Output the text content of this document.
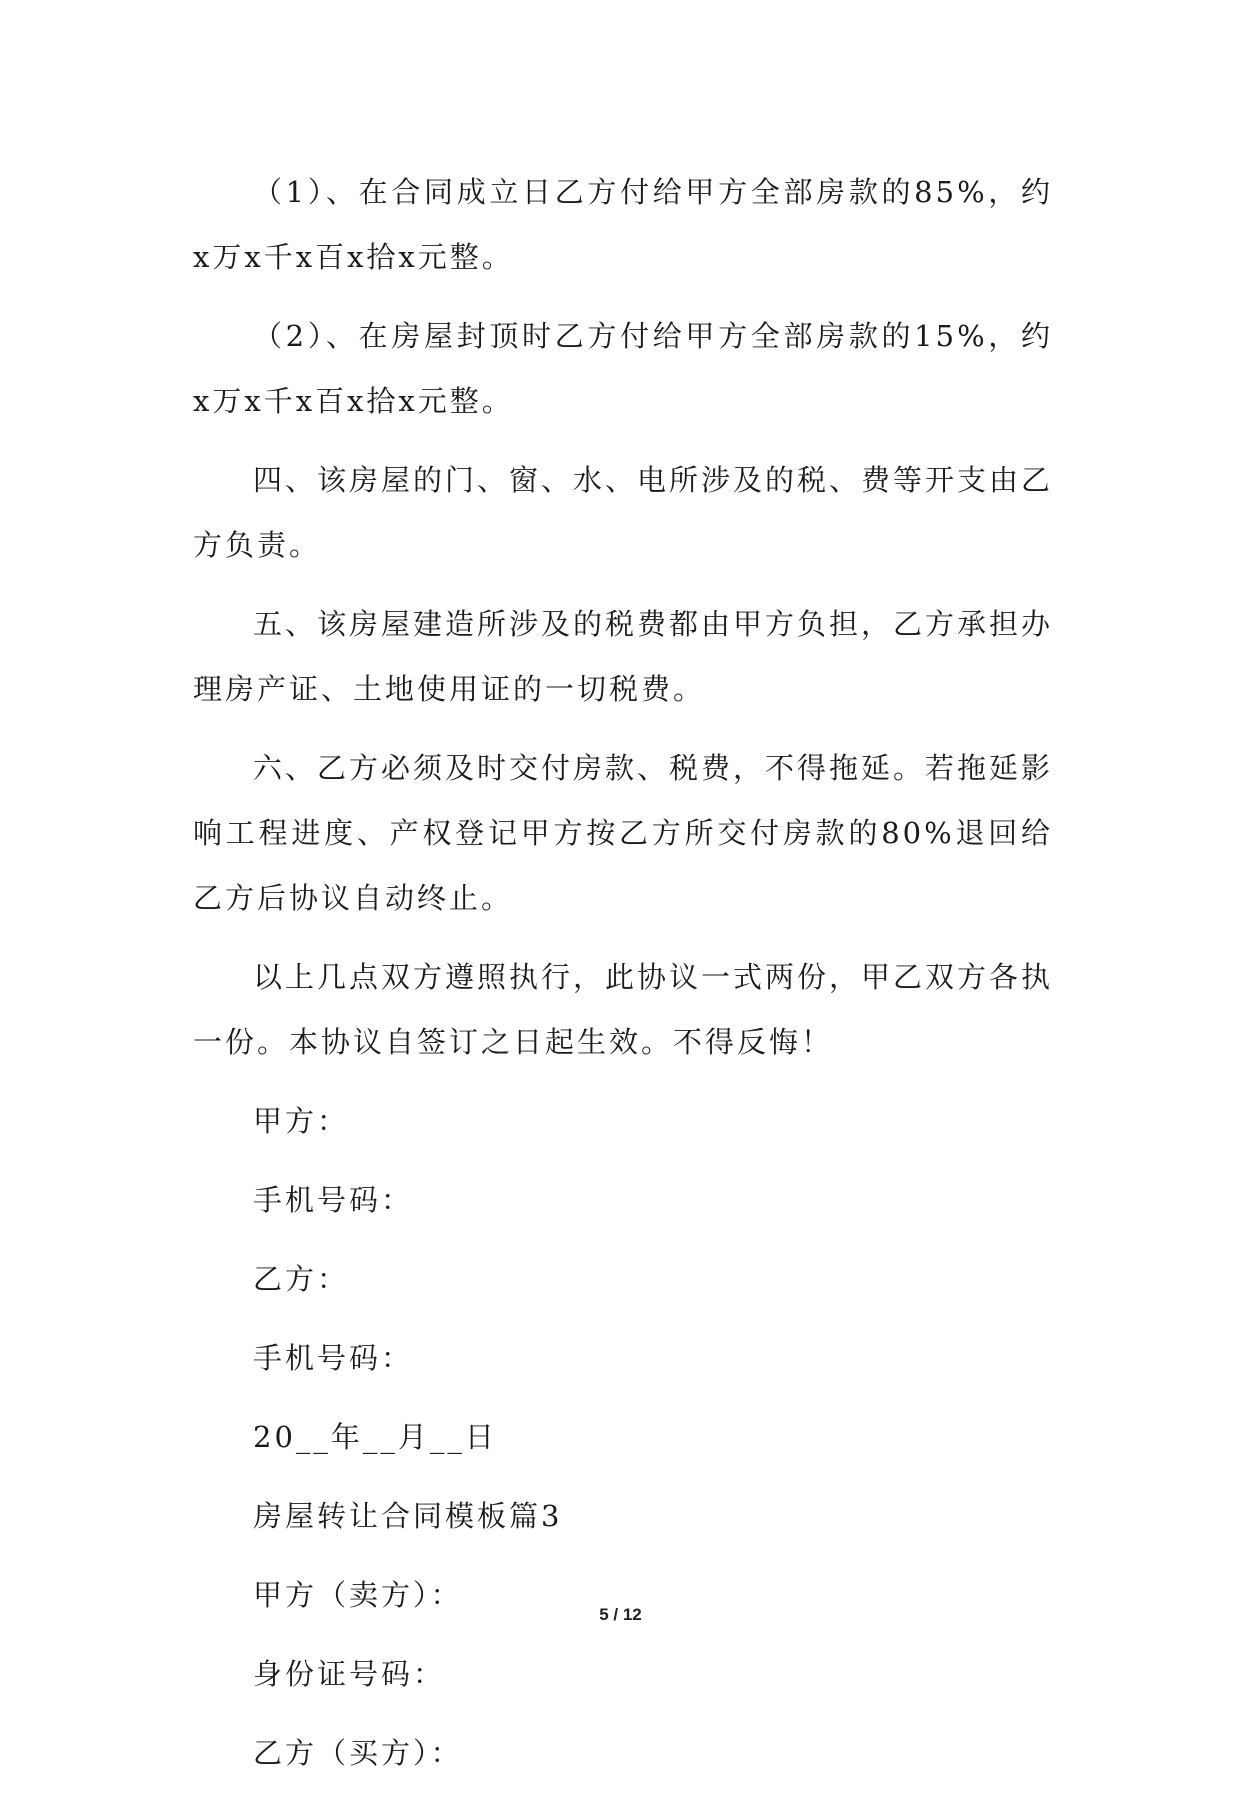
（1）、在合同成立日乙方付给甲方全部房款的85%，约x万x千x百x拾x元整。

（2）、在房屋封顶时乙方付给甲方全部房款的15%，约x万x千x百x拾x元整。

四、该房屋的门、窗、水、电所涉及的税、费等开支由乙方负责。

五、该房屋建造所涉及的税费都由甲方负担，乙方承担办理房产证、土地使用证的一切税费。

六、乙方必须及时交付房款、税费，不得拖延。若拖延影响工程进度、产权登记甲方按乙方所交付房款的80%退回给乙方后协议自动终止。

以上几点双方遵照执行，此协议一式两份，甲乙双方各执一份。本协议自签订之日起生效。不得反悔！

甲方：

手机号码：

乙方：

手机号码：

20__年__月__日

房屋转让合同模板篇3

甲方（卖方）：

身份证号码：

乙方（买方）：

5 / 12
